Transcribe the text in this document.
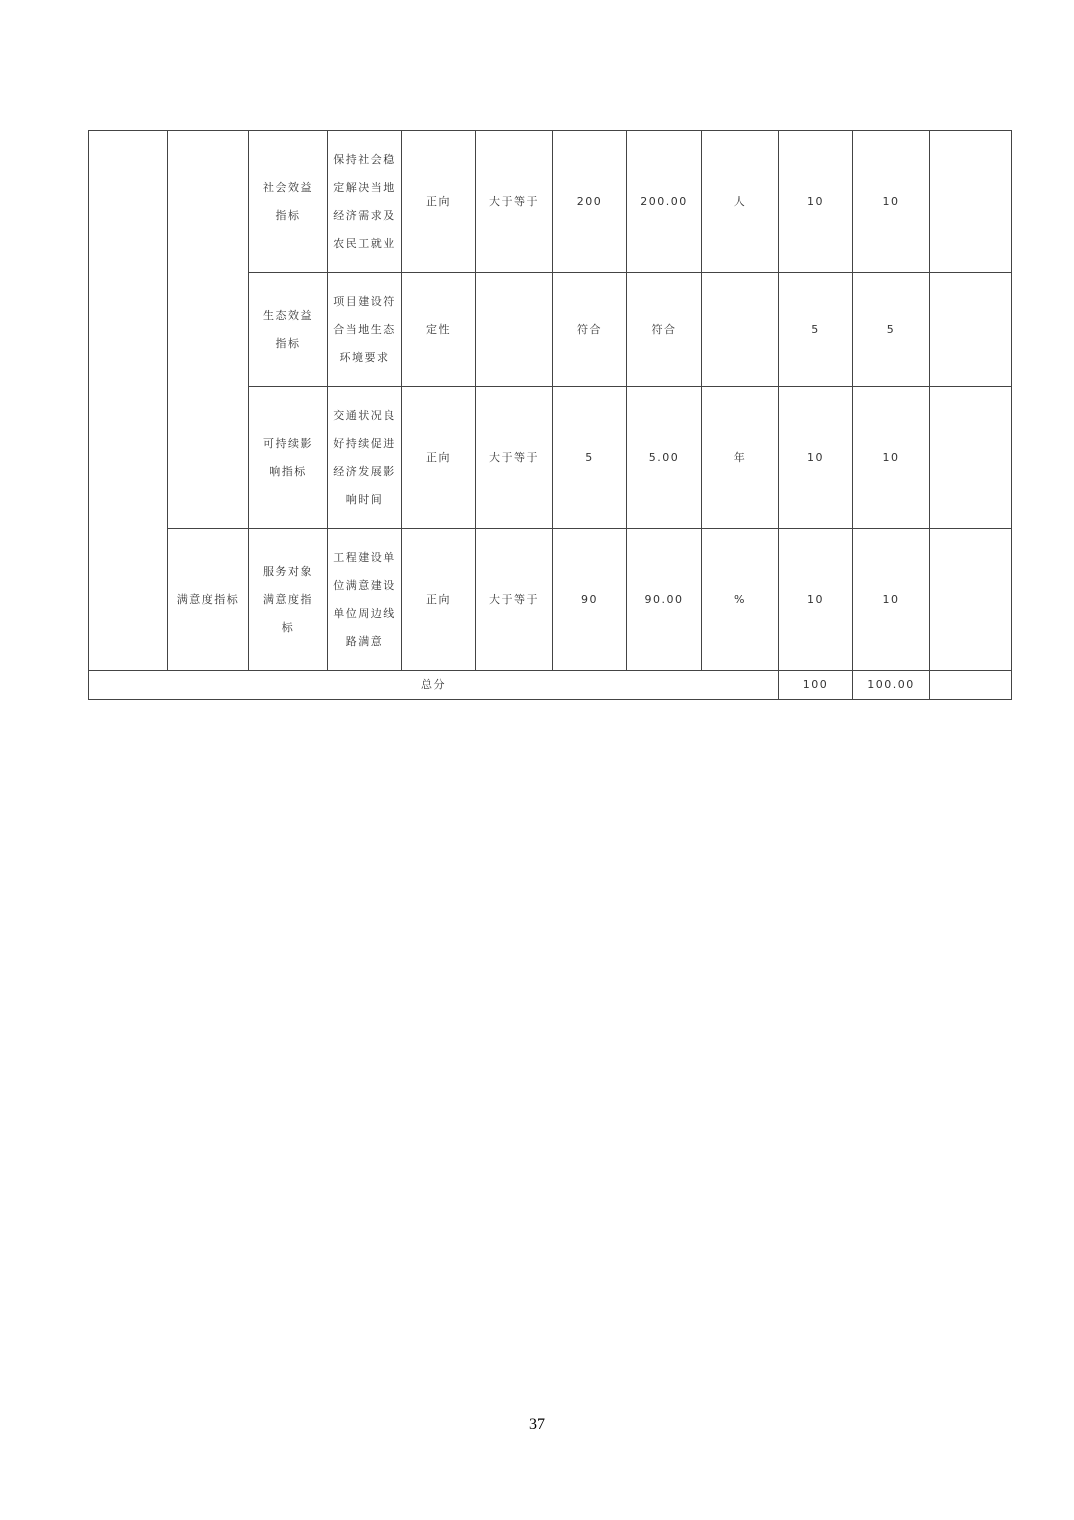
		社会效益指标	保持社会稳定解决当地经济需求及农民工就业	正向	大于等于	200	200.00	人	10	10	
		生态效益指标	项目建设符合当地生态环境要求	定性		符合	符合		5	5	
		可持续影响指标	交通状况良好持续促进经济发展影响时间	正向	大于等于	5	5.00	年	10	10	
	满意度指标	服务对象满意度指标	工程建设单位满意建设单位周边线路满意	正向	大于等于	90	90.00	%	10	10	
总分									100	100.00	
37
